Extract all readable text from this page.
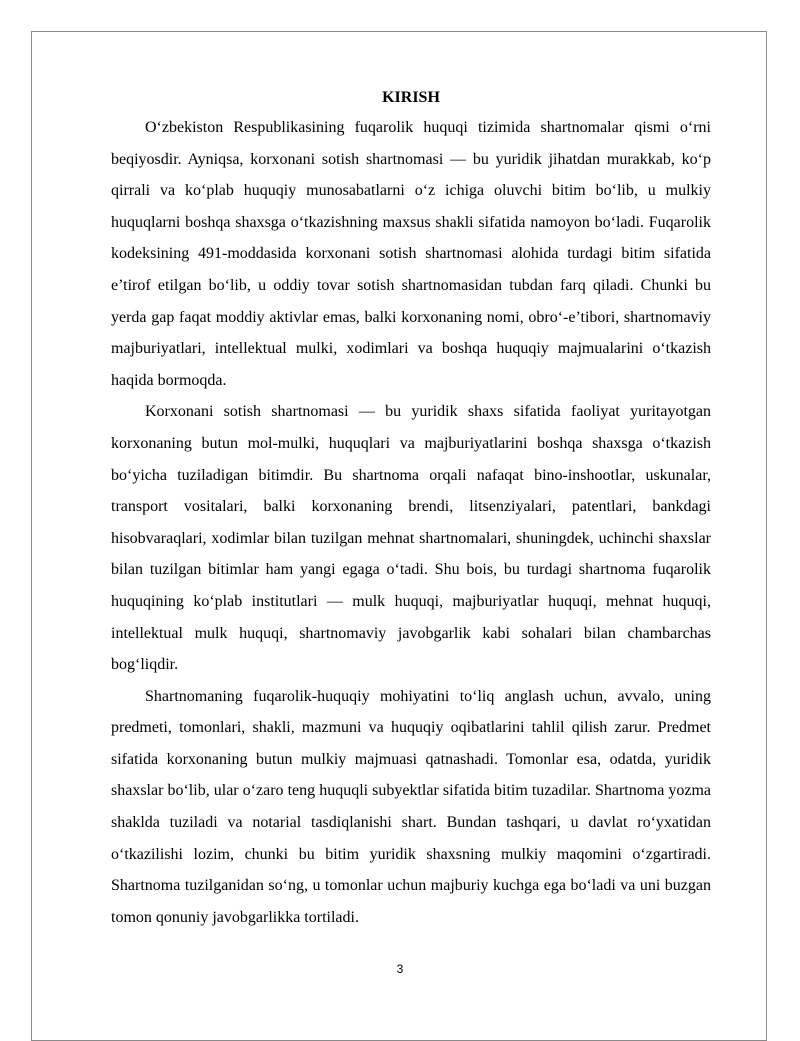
KIRISH

O‘zbekiston Respublikasining fuqarolik huquqi tizimida shartnomalar qismi o‘rni beqiyosdir. Ayniqsa, korxonani sotish shartnomasi — bu yuridik jihatdan murakkab, ko‘p qirrali va ko‘plab huquqiy munosabatlarni o‘z ichiga oluvchi bitim bo‘lib, u mulkiy huquqlarni boshqa shaxsga o‘tkazishning maxsus shakli sifatida namoyon bo‘ladi. Fuqarolik kodeksining 491-moddasida korxonani sotish shartnomasi alohida turdagi bitim sifatida e’tirof etilgan bo‘lib, u oddiy tovar sotish shartnomasidan tubdan farq qiladi. Chunki bu yerda gap faqat moddiy aktivlar emas, balki korxonaning nomi, obro‘-e’tibori, shartnomaviy majburiyatlari, intellektual mulki, xodimlari va boshqa huquqiy majmualarini o‘tkazish haqida bormoqda.

Korxonani sotish shartnomasi — bu yuridik shaxs sifatida faoliyat yuritayotgan korxonaning butun mol-mulki, huquqlari va majburiyatlarini boshqa shaxsga o‘tkazish bo‘yicha tuziladigan bitimdir. Bu shartnoma orqali nafaqat bino-inshootlar, uskunalar, transport vositalari, balki korxonaning brendi, litsenziyalari, patentlari, bankdagi hisobvaraqlari, xodimlar bilan tuzilgan mehnat shartnomalari, shuningdek, uchinchi shaxslar bilan tuzilgan bitimlar ham yangi egaga o‘tadi. Shu bois, bu turdagi shartnoma fuqarolik huquqining ko‘plab institutlari — mulk huquqi, majburiyatlar huquqi, mehnat huquqi, intellektual mulk huquqi, shartnomaviy javobgarlik kabi sohalari bilan chambarchas bog‘liqdir.

Shartnomaning fuqarolik-huquqiy mohiyatini to‘liq anglash uchun, avvalo, uning predmeti, tomonlari, shakli, mazmuni va huquqiy oqibatlarini tahlil qilish zarur. Predmet sifatida korxonaning butun mulkiy majmuasi qatnashadi. Tomonlar esa, odatda, yuridik shaxslar bo‘lib, ular o‘zaro teng huquqli subyektlar sifatida bitim tuzadilar. Shartnoma yozma shaklda tuziladi va notarial tasdiqlanishi shart. Bundan tashqari, u davlat ro‘yxatidan o‘tkazilishi lozim, chunki bu bitim yuridik shaxsning mulkiy maqomini o‘zgartiradi. Shartnoma tuzilganidan so‘ng, u tomonlar uchun majburiy kuchga ega bo‘ladi va uni buzgan tomon qonuniy javobgarlikka tortiladi.

3
